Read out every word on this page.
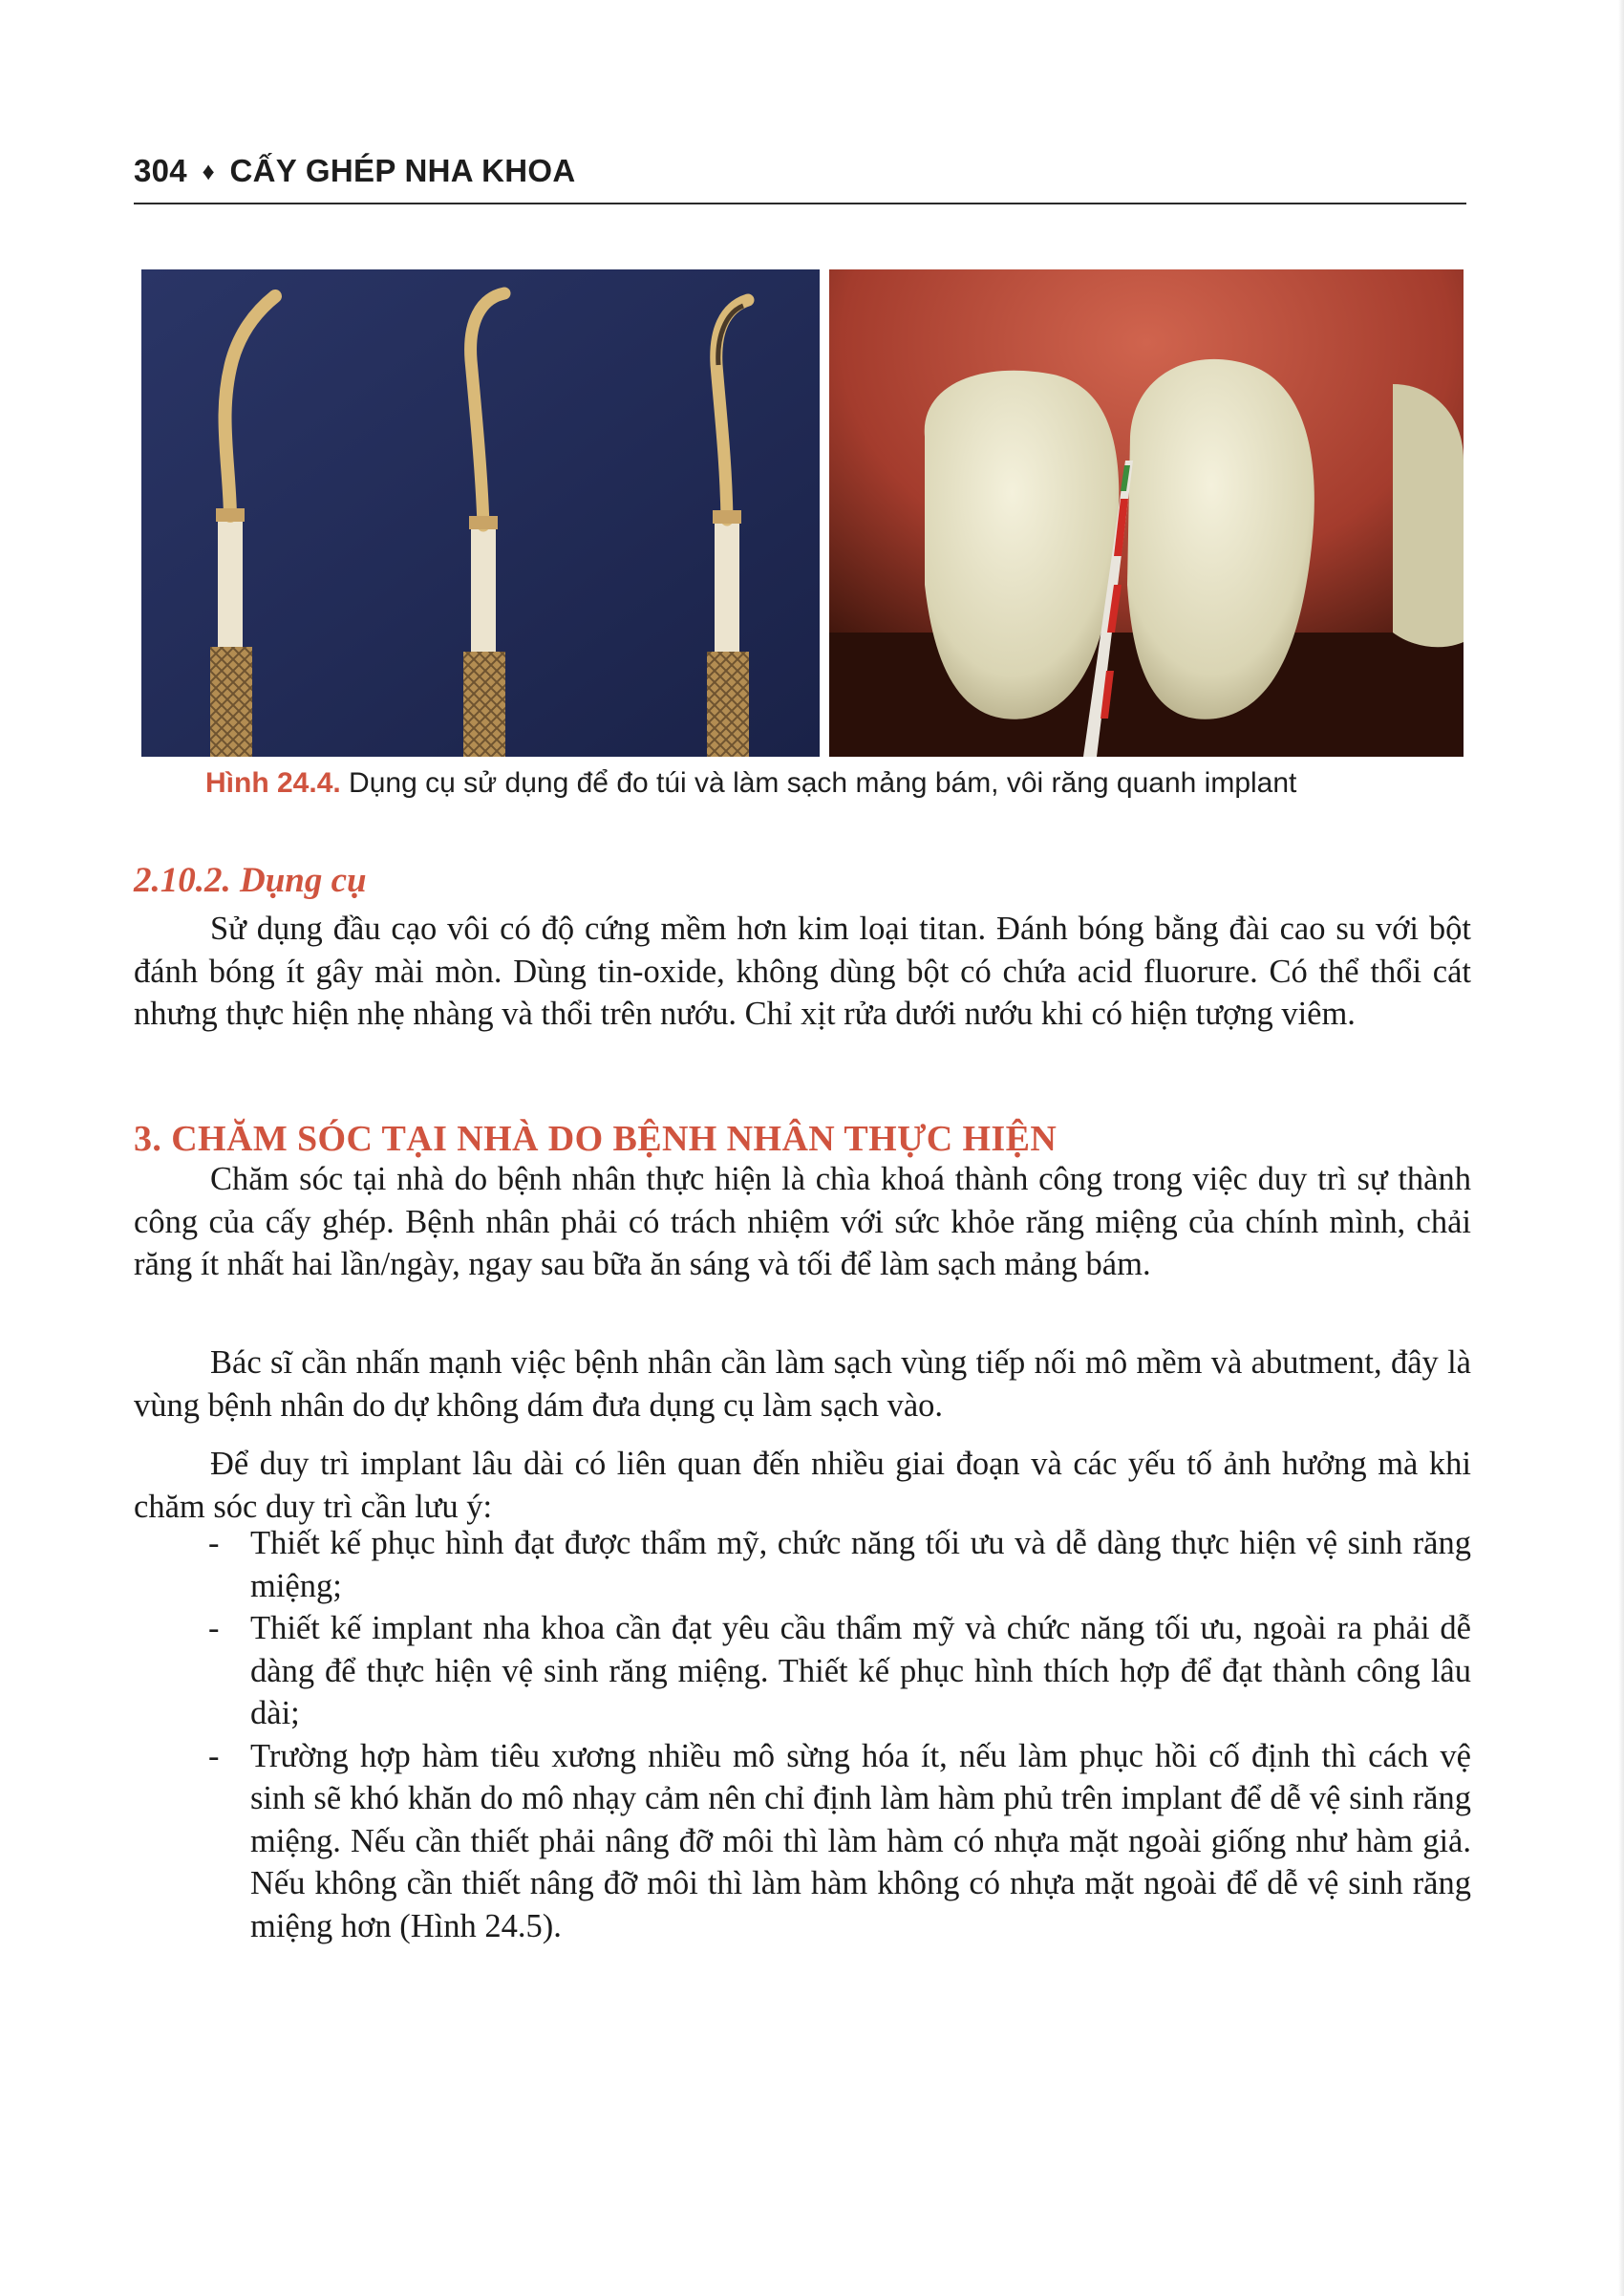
304 ♦ CẤY GHÉP NHA KHOA
Hình 24.4. Dụng cụ sử dụng để đo túi và làm sạch mảng bám, vôi răng quanh implant
2.10.2. Dụng cụ

Sử dụng đầu cạo vôi có độ cứng mềm hơn kim loại titan. Đánh bóng bằng đài cao su với bột đánh bóng ít gây mài mòn. Dùng tin-oxide, không dùng bột có chứa acid fluorure. Có thể thổi cát nhưng thực hiện nhẹ nhàng và thổi trên nướu. Chỉ xịt rửa dưới nướu khi có hiện tượng viêm.

3. CHĂM SÓC TẠI NHÀ DO BỆNH NHÂN THỰC HIỆN

Chăm sóc tại nhà do bệnh nhân thực hiện là chìa khoá thành công trong việc duy trì sự thành công của cấy ghép. Bệnh nhân phải có trách nhiệm với sức khỏe răng miệng của chính mình, chải răng ít nhất hai lần/ngày, ngay sau bữa ăn sáng và tối để làm sạch mảng bám.

Bác sĩ cần nhấn mạnh việc bệnh nhân cần làm sạch vùng tiếp nối mô mềm và abutment, đây là vùng bệnh nhân do dự không dám đưa dụng cụ làm sạch vào.

Để duy trì implant lâu dài có liên quan đến nhiều giai đoạn và các yếu tố ảnh hưởng mà khi chăm sóc duy trì cần lưu ý:

- Thiết kế phục hình đạt được thẩm mỹ, chức năng tối ưu và dễ dàng thực hiện vệ sinh răng miệng;
- Thiết kế implant nha khoa cần đạt yêu cầu thẩm mỹ và chức năng tối ưu, ngoài ra phải dễ dàng để thực hiện vệ sinh răng miệng. Thiết kế phục hình thích hợp để đạt thành công lâu dài;
- Trường hợp hàm tiêu xương nhiều mô sừng hóa ít, nếu làm phục hồi cố định thì cách vệ sinh sẽ khó khăn do mô nhạy cảm nên chỉ định làm hàm phủ trên implant để dễ vệ sinh răng miệng. Nếu cần thiết phải nâng đỡ môi thì làm hàm có nhựa mặt ngoài giống như hàm giả. Nếu không cần thiết nâng đỡ môi thì làm hàm không có nhựa mặt ngoài để dễ vệ sinh răng miệng hơn (Hình 24.5).
